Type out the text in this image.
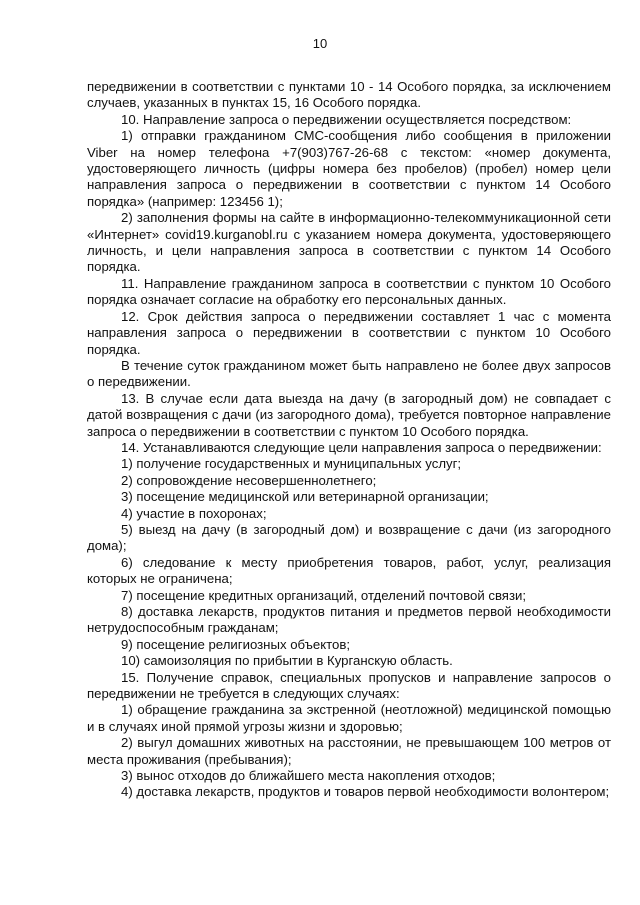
10

передвижении в соответствии с пунктами 10 - 14 Особого порядка, за исключением случаев, указанных в пунктах 15, 16 Особого порядка.

10. Направление запроса о передвижении осуществляется посредством:

1) отправки гражданином СМС-сообщения либо сообщения в приложении Viber на номер телефона +7(903)767-26-68 с текстом: «номер документа, удостоверяющего личность (цифры номера без пробелов) (пробел) номер цели направления запроса о передвижении в соответствии с пунктом 14 Особого порядка» (например: 123456 1);

2) заполнения формы на сайте в информационно-телекоммуникационной сети «Интернет» covid19.kurganobl.ru с указанием номера документа, удостоверяющего личность, и цели направления запроса в соответствии с пунктом 14 Особого порядка.

11. Направление гражданином запроса в соответствии с пунктом 10 Особого порядка означает согласие на обработку его персональных данных.

12. Срок действия запроса о передвижении составляет 1 час с момента направления запроса о передвижении в соответствии с пунктом 10 Особого порядка.

В течение суток гражданином может быть направлено не более двух запросов о передвижении.

13. В случае если дата выезда на дачу (в загородный дом) не совпадает с датой возвращения с дачи (из загородного дома), требуется повторное направление запроса о передвижении в соответствии с пунктом 10 Особого порядка.

14. Устанавливаются следующие цели направления запроса о передвижении:

1) получение государственных и муниципальных услуг;

2) сопровождение несовершеннолетнего;

3) посещение медицинской или ветеринарной организации;

4) участие в похоронах;

5) выезд на дачу (в загородный дом) и возвращение с дачи (из загородного дома);

6) следование к месту приобретения товаров, работ, услуг, реализация которых не ограничена;

7) посещение кредитных организаций, отделений почтовой связи;

8) доставка лекарств, продуктов питания и предметов первой необходимости нетрудоспособным гражданам;

9) посещение религиозных объектов;

10) самоизоляция по прибытии в Курганскую область.

15. Получение справок, специальных пропусков и направление запросов о передвижении не требуется в следующих случаях:

1) обращение гражданина за экстренной (неотложной) медицинской помощью и в случаях иной прямой угрозы жизни и здоровью;

2) выгул домашних животных на расстоянии, не превышающем 100 метров от места проживания (пребывания);

3) вынос отходов до ближайшего места накопления отходов;

4) доставка лекарств, продуктов и товаров первой необходимости волонтером;
